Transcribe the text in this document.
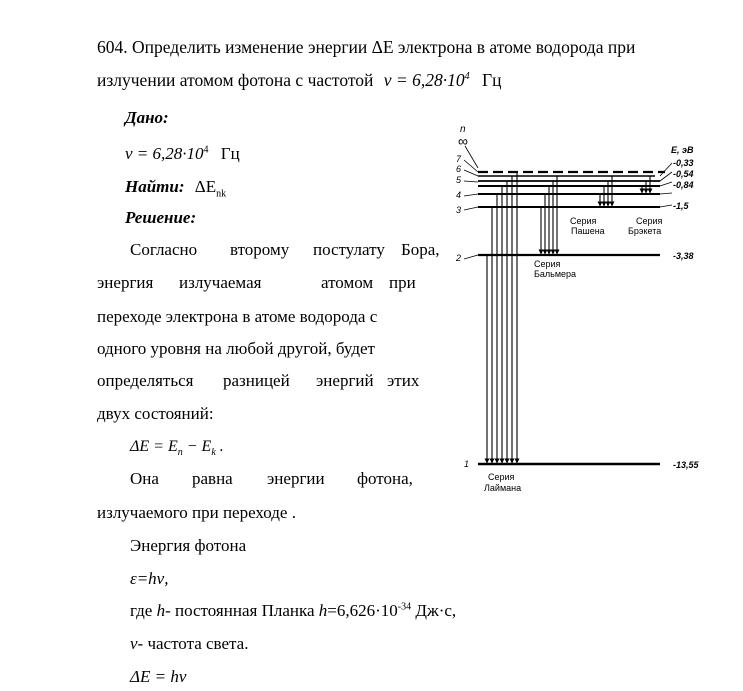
604. Определить изменение энергии ΔЕ электрона в атоме водорода при
излучении атомом фотона с частотой $\nu = 6,28\cdot 10^4$ Гц
Дано:
$\nu = 6,28\cdot 10^4$ Гц
Найти: $\Delta E_{nk}$
Решение:
Согласно второму постулату Бора,
энергия излучаемая	атомом при
переходе электрона в атоме водорода с
одного уровня на любой другой, будет
определяться разницей энергий этих
двух состояний:
$\Delta E = E_n - E_k$ .
Она равна энергии фотона,
излучаемого при переходе .
Энергия фотона
ε=hν,
где h- постоянная Планка $h=6,626\cdot 10^{-34}$ Дж·с,
ν- частота света.
ΔE = hν
n
∞
E, эВ
7
6
5
4
3
2
1
-0,33
-0,54
-0,84
-1,5
-3,38
-13,55
Серия
Пашена
Серия
Брэкета
Серия
Бальмера
Серия
Лаймана
